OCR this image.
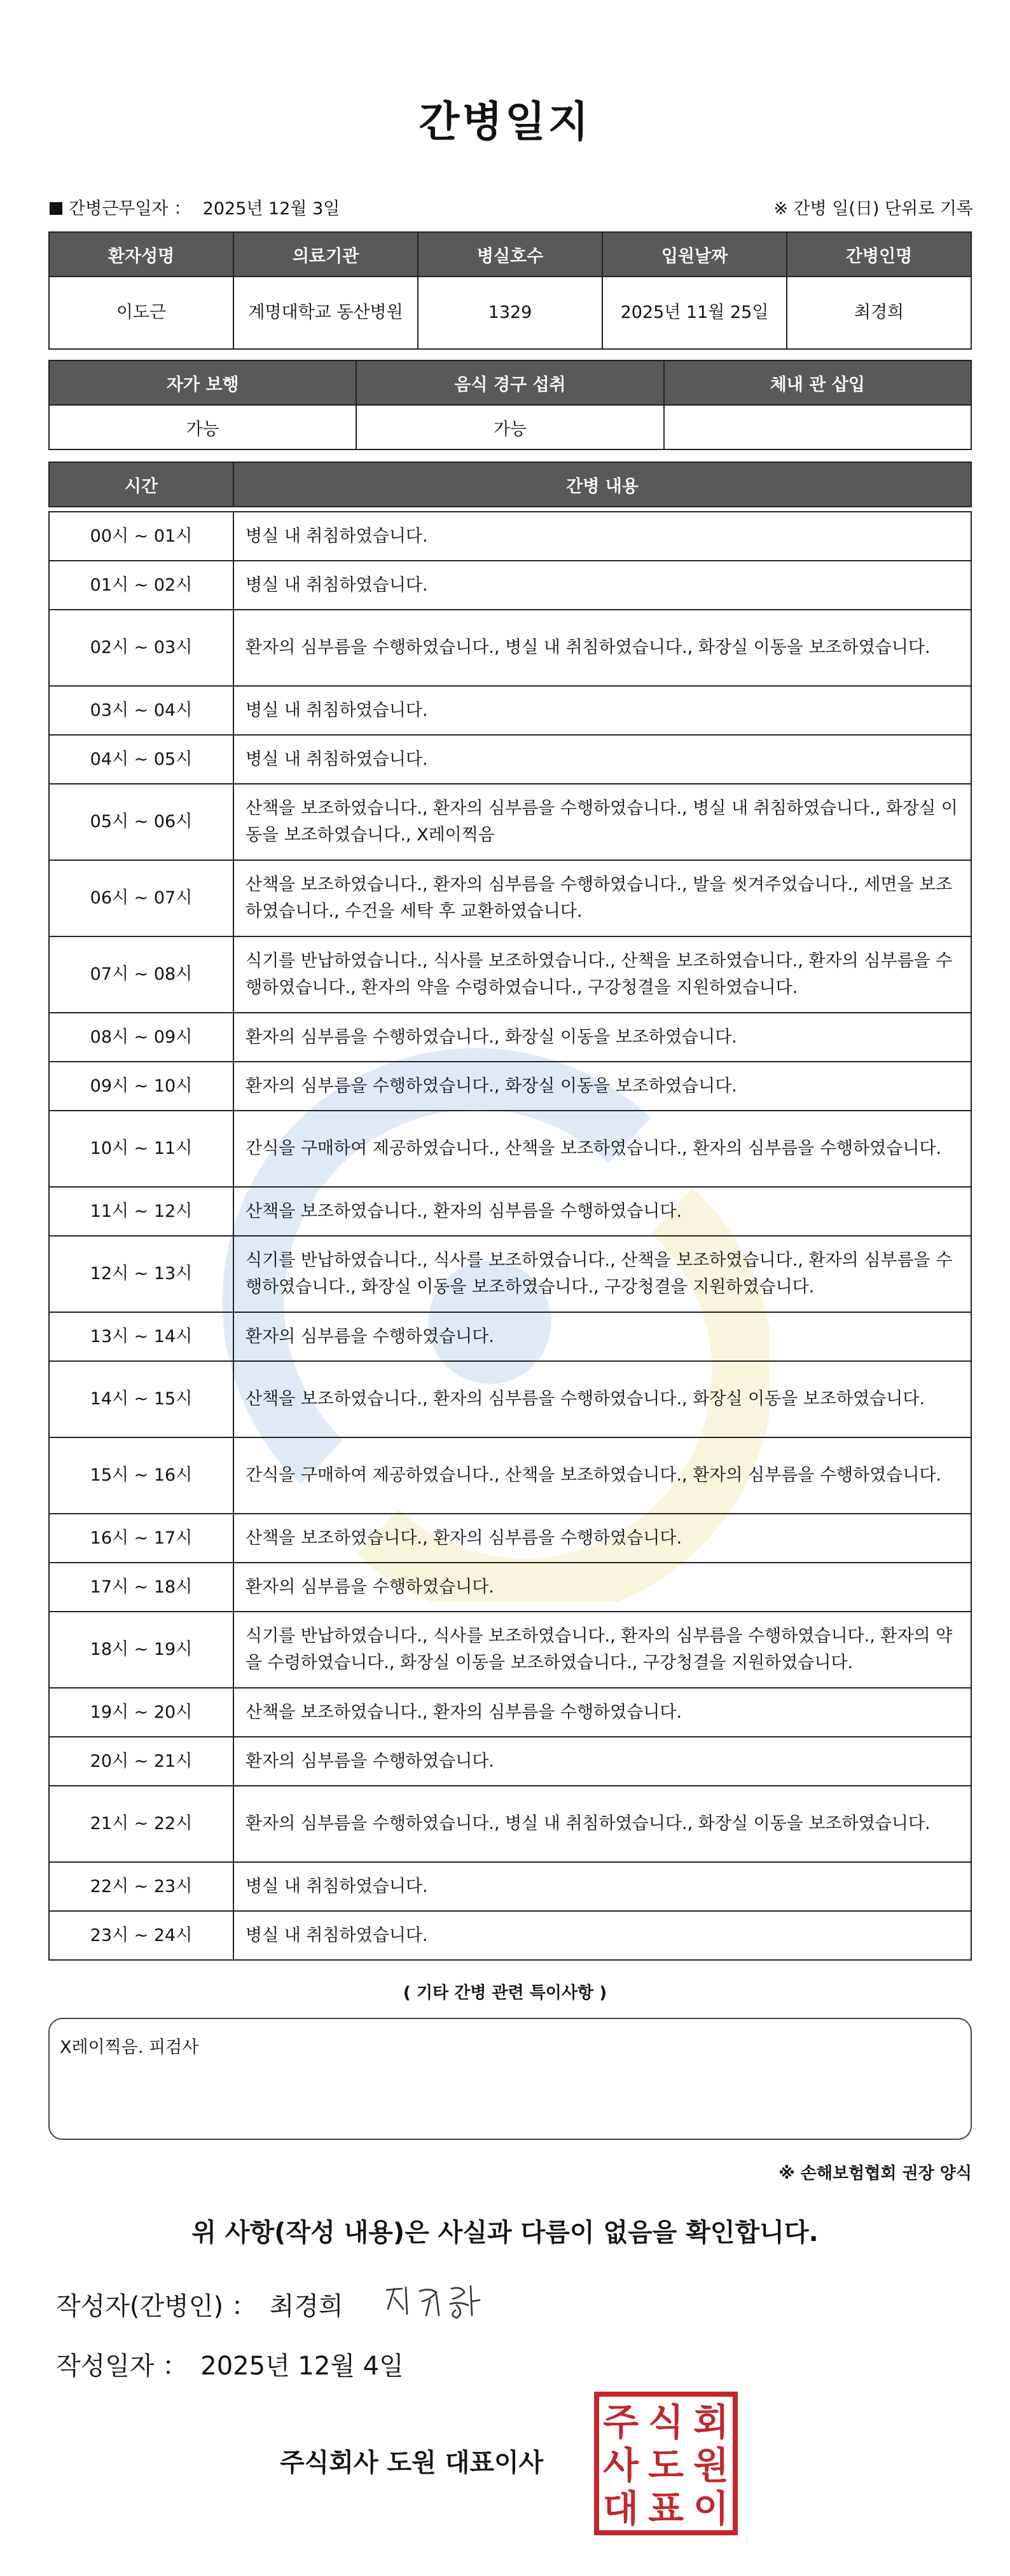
간병일지
간병근무일자 ： 2025년 12월 3일	※ 간병 일(日) 단위로 기록
환자성명	의료기관	병실호수	입원날짜	간병인명
이도근	계명대학교 동산병원	1329	2025년 11월 25일	최경희
자가 보행	음식 경구 섭취	체내 관 삽입
가능	가능	
시간	간병 내용

00시 ~ 01시	병실 내 취침하였습니다.
01시 ~ 02시	병실 내 취침하였습니다.
02시 ~ 03시	환자의 심부름을 수행하였습니다., 병실 내 취침하였습니다., 화장실 이동을 보조하였습니다.
03시 ~ 04시	병실 내 취침하였습니다.
04시 ~ 05시	병실 내 취침하였습니다.
05시 ~ 06시	산책을 보조하였습니다., 환자의 심부름을 수행하였습니다., 병실 내 취침하였습니다., 화장실 이동을 보조하였습니다., X레이찍음
06시 ~ 07시	산책을 보조하였습니다., 환자의 심부름을 수행하였습니다., 발을 씻겨주었습니다., 세면을 보조하였습니다., 수건을 세탁 후 교환하였습니다.
07시 ~ 08시	식기를 반납하였습니다., 식사를 보조하였습니다., 산책을 보조하였습니다., 환자의 심부름을 수행하였습니다., 환자의 약을 수령하였습니다., 구강청결을 지원하였습니다.
08시 ~ 09시	환자의 심부름을 수행하였습니다., 화장실 이동을 보조하였습니다.
09시 ~ 10시	환자의 심부름을 수행하였습니다., 화장실 이동을 보조하였습니다.
10시 ~ 11시	간식을 구매하여 제공하였습니다., 산책을 보조하였습니다., 환자의 심부름을 수행하였습니다.
11시 ~ 12시	산책을 보조하였습니다., 환자의 심부름을 수행하였습니다.
12시 ~ 13시	식기를 반납하였습니다., 식사를 보조하였습니다., 산책을 보조하였습니다., 환자의 심부름을 수행하였습니다., 화장실 이동을 보조하였습니다., 구강청결을 지원하였습니다.
13시 ~ 14시	환자의 심부름을 수행하였습니다.
14시 ~ 15시	산책을 보조하였습니다., 환자의 심부름을 수행하였습니다., 화장실 이동을 보조하였습니다.
15시 ~ 16시	간식을 구매하여 제공하였습니다., 산책을 보조하였습니다., 환자의 심부름을 수행하였습니다.
16시 ~ 17시	산책을 보조하였습니다., 환자의 심부름을 수행하였습니다.
17시 ~ 18시	환자의 심부름을 수행하였습니다.
18시 ~ 19시	식기를 반납하였습니다., 식사를 보조하였습니다., 환자의 심부름을 수행하였습니다., 환자의 약을 수령하였습니다., 화장실 이동을 보조하였습니다., 구강청결을 지원하였습니다.
19시 ~ 20시	산책을 보조하였습니다., 환자의 심부름을 수행하였습니다.
20시 ~ 21시	환자의 심부름을 수행하였습니다.
21시 ~ 22시	환자의 심부름을 수행하였습니다., 병실 내 취침하였습니다., 화장실 이동을 보조하였습니다.
22시 ~ 23시	병실 내 취침하였습니다.
23시 ~ 24시	병실 내 취침하였습니다.
( 기타 간병 관련 특이사항 )
X레이찍음. 피검사
※ 손해보험협회 권장 양식
위 사항(작성 내용)은 사실과 다름이 없음을 확인합니다.
작성자(간병인) ： 최경희
작성일자 ： 2025년 12월 4일
주식회사 도원 대표이사
주 식 회
사 도 원
대 표 이
